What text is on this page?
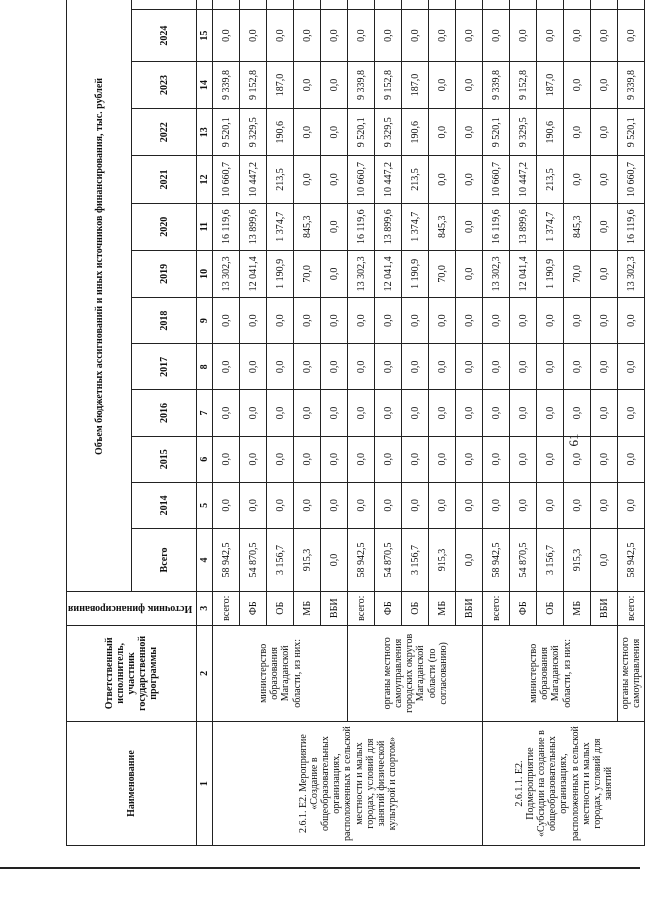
61
Наименование	Ответственный исполнитель, участник государственной программы	Источник финансирования	Объем бюджетных ассигнований и иных источников финансирования, тыс. рублей												
			Всего	2014	2015	2016	2017	2018	2019	2020	2021	2022	2023	2024	
1	2	3	4	5	6	7	8	9	10	11	12	13	14	15	
2.6.1. Е2. Мероприятие «Создание в общеобразовательных организациях, расположенных в сельской местности и малых городах, условий для занятий физической культурой и спортом»	министерство образования Магаданской области, из них:	всего:	58 942,5	0,0	0,0	0,0	0,0	0,0	13 302,3	16 119,6	10 660,7	9 520,1	9 339,8	0,0	
		ФБ	54 870,5	0,0	0,0	0,0	0,0	0,0	12 041,4	13 899,6	10 447,2	9 329,5	9 152,8	0,0	
		ОБ	3 156,7	0,0	0,0	0,0	0,0	0,0	1 190,9	1 374,7	213,5	190,6	187,0	0,0	
		МБ	915,3	0,0	0,0	0,0	0,0	0,0	70,0	845,3	0,0	0,0	0,0	0,0	
		ВБИ	0,0	0,0	0,0	0,0	0,0	0,0	0,0	0,0	0,0	0,0	0,0	0,0	
	органы местного самоуправления городских округов Магаданской области (по согласованию)	всего:	58 942,5	0,0	0,0	0,0	0,0	0,0	13 302,3	16 119,6	10 660,7	9 520,1	9 339,8	0,0	
		ФБ	54 870,5	0,0	0,0	0,0	0,0	0,0	12 041,4	13 899,6	10 447,2	9 329,5	9 152,8	0,0	
		ОБ	3 156,7	0,0	0,0	0,0	0,0	0,0	1 190,9	1 374,7	213,5	190,6	187,0	0,0	
		МБ	915,3	0,0	0,0	0,0	0,0	0,0	70,0	845,3	0,0	0,0	0,0	0,0	
		ВБИ	0,0	0,0	0,0	0,0	0,0	0,0	0,0	0,0	0,0	0,0	0,0	0,0	
2.6.1.1. Е2. Подмероприятие «Субсидии на создание в общеобразовательных организациях, расположенных в сельской местности и малых городах, условий для занятий	министерство образования Магаданской области, из них:	всего:	58 942,5	0,0	0,0	0,0	0,0	0,0	13 302,3	16 119,6	10 660,7	9 520,1	9 339,8	0,0	
		ФБ	54 870,5	0,0	0,0	0,0	0,0	0,0	12 041,4	13 899,6	10 447,2	9 329,5	9 152,8	0,0	
		ОБ	3 156,7	0,0	0,0	0,0	0,0	0,0	1 190,9	1 374,7	213,5	190,6	187,0	0,0	
		МБ	915,3	0,0	0,0	0,0	0,0	0,0	70,0	845,3	0,0	0,0	0,0	0,0	
		ВБИ	0,0	0,0	0,0	0,0	0,0	0,0	0,0	0,0	0,0	0,0	0,0	0,0	
	органы местного самоуправления	всего:	58 942,5	0,0	0,0	0,0	0,0	0,0	13 302,3	16 119,6	10 660,7	9 520,1	9 339,8	0,0	
